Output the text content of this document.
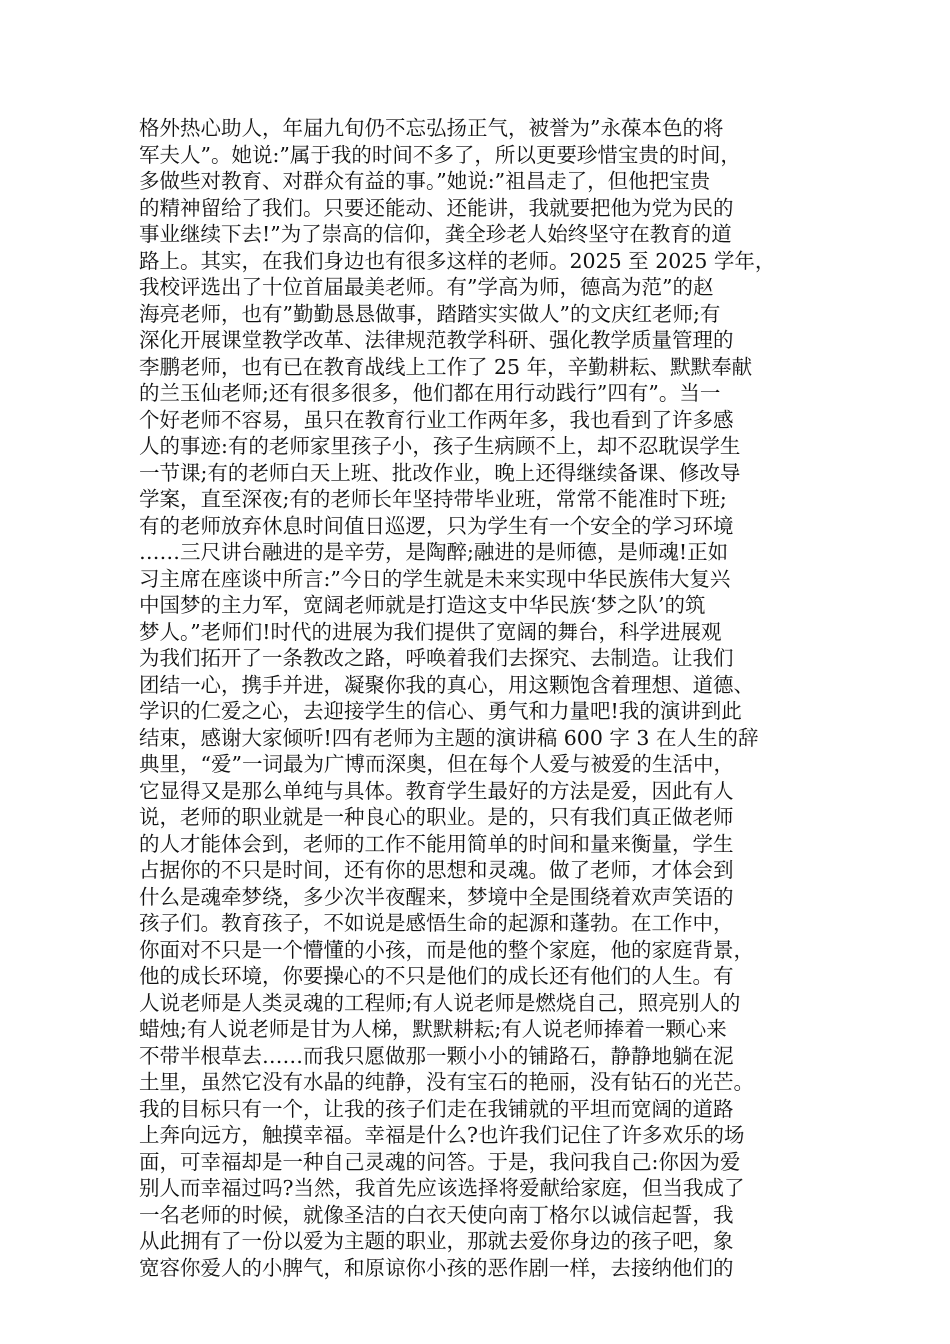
格外热心助人，年届九旬仍不忘弘扬正气，被誉为”永葆本色的将
军夫人”。她说:”属于我的时间不多了，所以更要珍惜宝贵的时间，
多做些对教育、对群众有益的事。”她说:”祖昌走了，但他把宝贵
的精神留给了我们。只要还能动、还能讲，我就要把他为党为民的
事业继续下去!”为了崇高的信仰，龚全珍老人始终坚守在教育的道
路上。其实，在我们身边也有很多这样的老师。2025 至 2025 学年，
我校评选出了十位首届最美老师。有”学高为师，德高为范”的赵
海亮老师，也有”勤勤恳恳做事，踏踏实实做人”的文庆红老师;有
深化开展课堂教学改革、法律规范教学科研、强化教学质量管理的
李鹏老师，也有已在教育战线上工作了 25 年，辛勤耕耘、默默奉献
的兰玉仙老师;还有很多很多，他们都在用行动践行”四有”。当一
个好老师不容易，虽只在教育行业工作两年多，我也看到了许多感
人的事迹:有的老师家里孩子小，孩子生病顾不上，却不忍耽误学生
一节课;有的老师白天上班、批改作业，晚上还得继续备课、修改导
学案，直至深夜;有的老师长年坚持带毕业班，常常不能准时下班;
有的老师放弃休息时间值日巡逻，只为学生有一个安全的学习环境
……三尺讲台融进的是辛劳，是陶醉;融进的是师德，是师魂!正如
习主席在座谈中所言:”今日的学生就是未来实现中华民族伟大复兴
中国梦的主力军，宽阔老师就是打造这支中华民族‘梦之队’的筑
梦人。”老师们!时代的进展为我们提供了宽阔的舞台，科学进展观
为我们拓开了一条教改之路，呼唤着我们去探究、去制造。让我们
团结一心，携手并进，凝聚你我的真心，用这颗饱含着理想、道德、
学识的仁爱之心，去迎接学生的信心、勇气和力量吧!我的演讲到此
结束，感谢大家倾听!四有老师为主题的演讲稿 600 字 3 在人生的辞
典里，“爱”一词最为广博而深奥，但在每个人爱与被爱的生活中，
它显得又是那么单纯与具体。教育学生最好的方法是爱，因此有人
说，老师的职业就是一种良心的职业。是的，只有我们真正做老师
的人才能体会到，老师的工作不能用简单的时间和量来衡量，学生
占据你的不只是时间，还有你的思想和灵魂。做了老师，才体会到
什么是魂牵梦绕，多少次半夜醒来，梦境中全是围绕着欢声笑语的
孩子们。教育孩子，不如说是感悟生命的起源和蓬勃。在工作中，
你面对不只是一个懵懂的小孩，而是他的整个家庭，他的家庭背景，
他的成长环境，你要操心的不只是他们的成长还有他们的人生。有
人说老师是人类灵魂的工程师;有人说老师是燃烧自己，照亮别人的
蜡烛;有人说老师是甘为人梯，默默耕耘;有人说老师捧着一颗心来
不带半根草去……而我只愿做那一颗小小的铺路石，静静地躺在泥
土里，虽然它没有水晶的纯静，没有宝石的艳丽，没有钻石的光芒。
我的目标只有一个，让我的孩子们走在我铺就的平坦而宽阔的道路
上奔向远方，触摸幸福。幸福是什么?也许我们记住了许多欢乐的场
面，可幸福却是一种自己灵魂的问答。于是，我问我自己:你因为爱
别人而幸福过吗?当然，我首先应该选择将爱献给家庭，但当我成了
一名老师的时候，就像圣洁的白衣天使向南丁格尔以诚信起誓，我
从此拥有了一份以爱为主题的职业，那就去爱你身边的孩子吧，象
宽容你爱人的小脾气，和原谅你小孩的恶作剧一样，去接纳他们的
